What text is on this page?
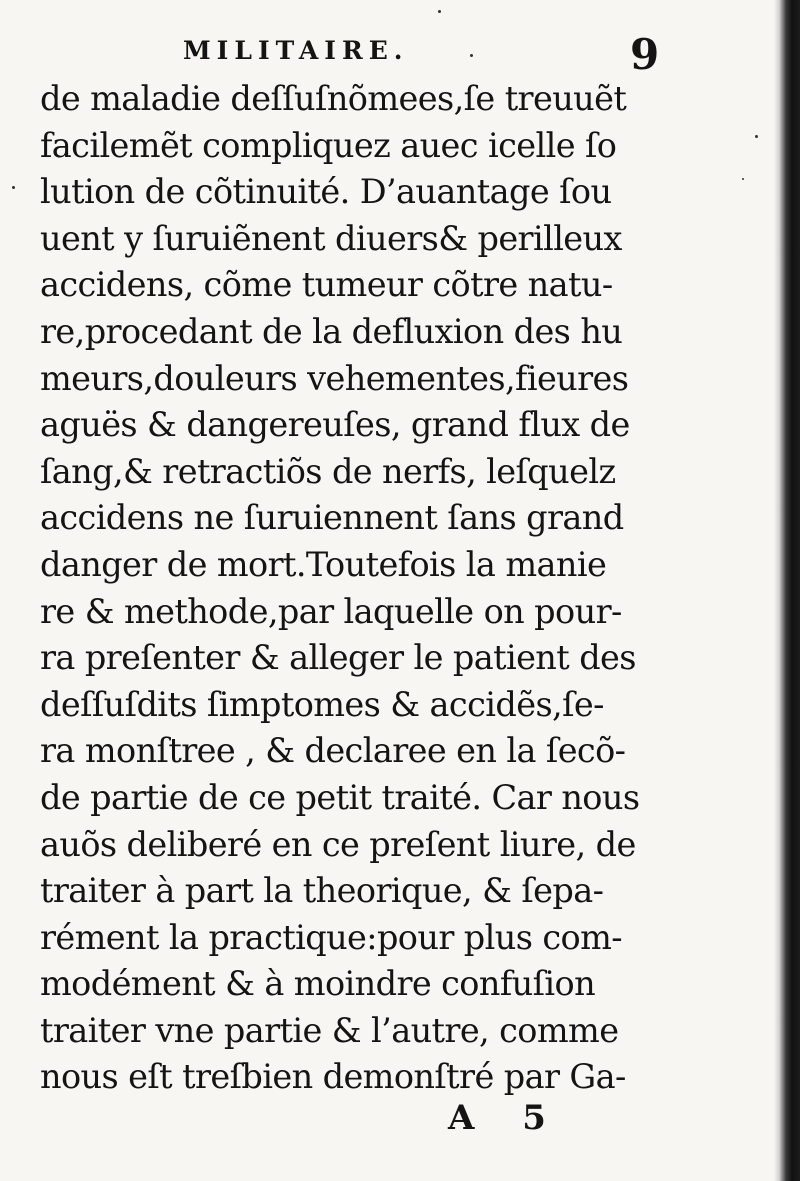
MILITAIRE.	9
de maladie deſſuſnõmees,ſe treuuẽt
facilemẽt compliquez auec icelle ſo
lution de cõtinuité. D’auantage ſou
uent y ſuruiẽnent diuers& perilleux
accidens, cõme tumeur cõtre natu-
re,procedant de la defluxion des hu
meurs,douleurs vehementes,fieures
aguës & dangereuſes, grand flux de
ſang,& retractiõs de nerfs, leſquelz
accidens ne ſuruiennent ſans grand
danger de mort.Toutefois la manie
re & methode,par laquelle on pour-
ra preſenter & alleger le patient des
deſſuſdits ſimptomes & accidẽs,ſe-
ra monſtree , & declaree en la ſecõ-
de partie de ce petit traité. Car nous
auõs deliberé en ce preſent liure, de
traiter à part la theorique, & ſepa-
rément la practique:pour plus com-
modément & à moindre confuſion
traiter vne partie & l’autre, comme
nous eſt treſbien demonſtré par Ga-
A 5
